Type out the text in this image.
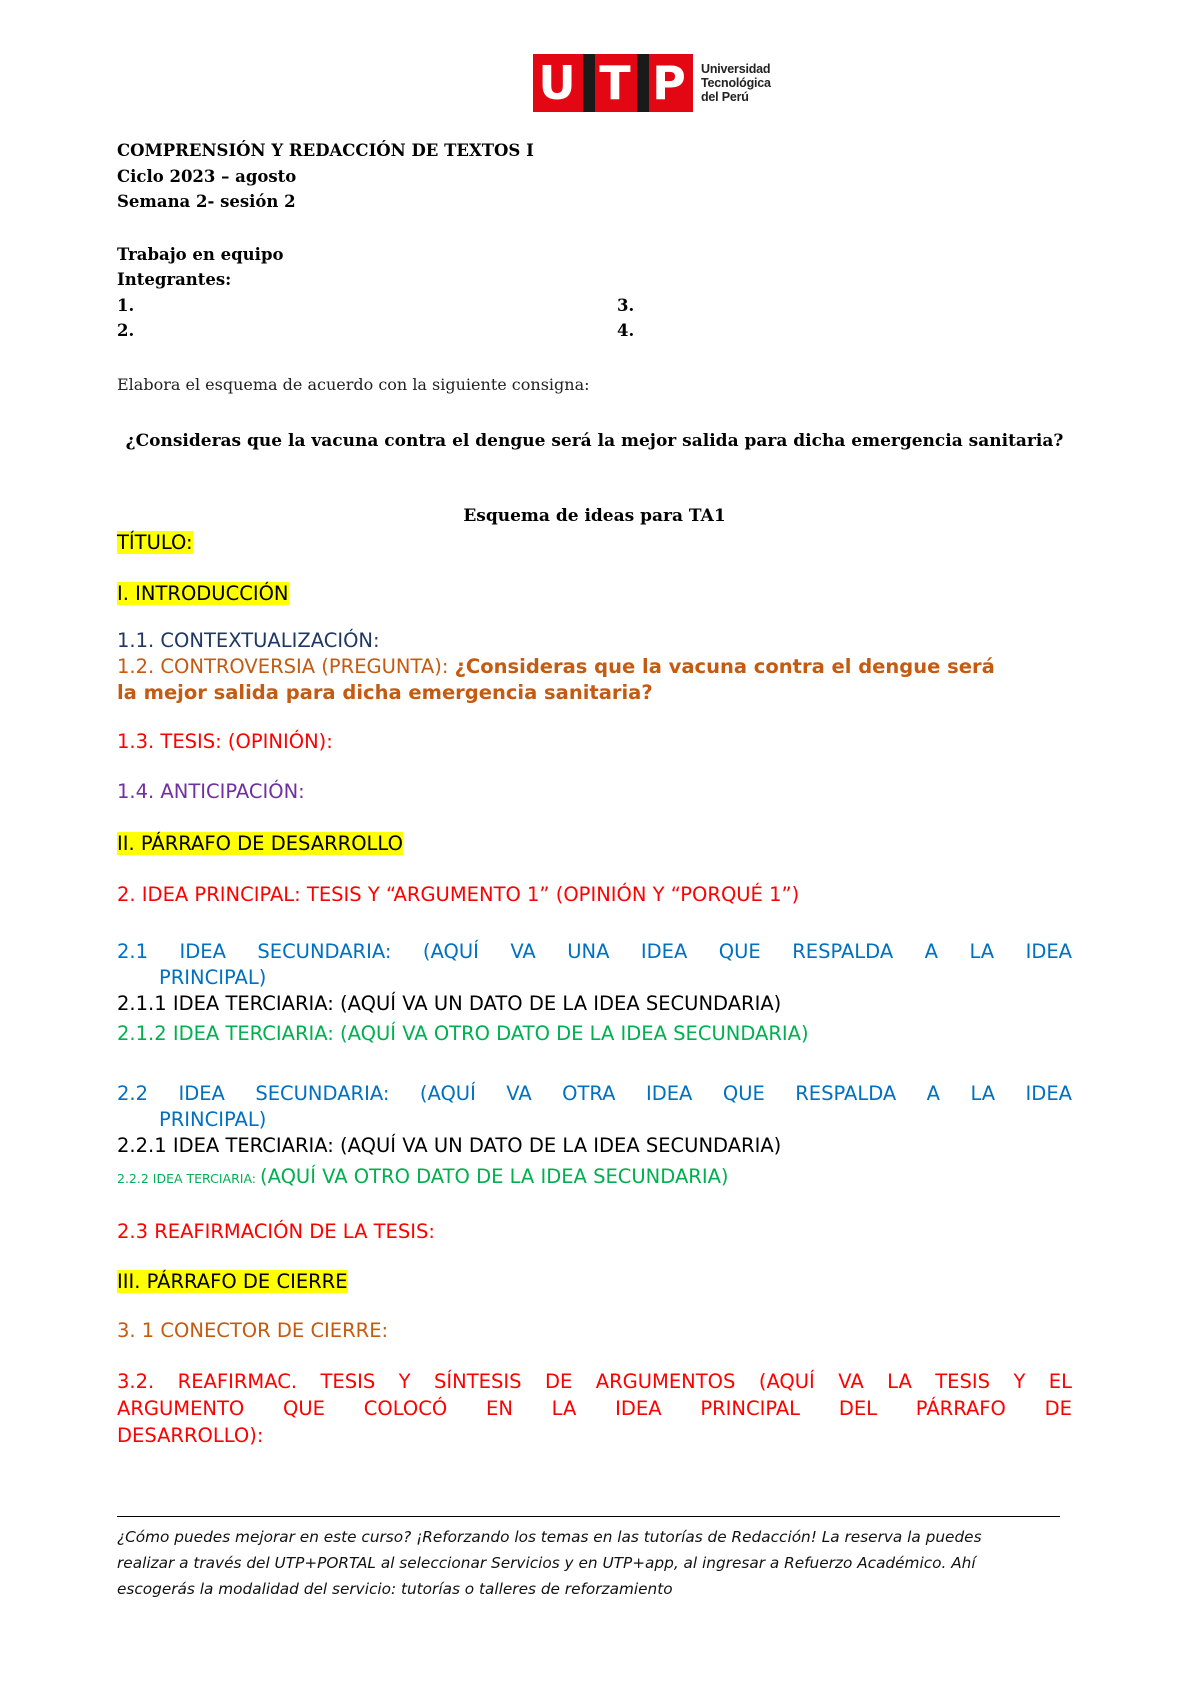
U T P	Universidad
Tecnológica
del Perú
COMPRENSIÓN Y REDACCIÓN DE TEXTOS I
Ciclo 2023 – agosto
Semana 2- sesión 2
Trabajo en equipo
Integrantes:
1.
2.
3.
4.
Elabora el esquema de acuerdo con la siguiente consigna:
¿Consideras que la vacuna contra el dengue será la mejor salida para dicha emergencia sanitaria?
Esquema de ideas para TA1
TÍTULO:
I. INTRODUCCIÓN
1.1. CONTEXTUALIZACIÓN:
1.2. CONTROVERSIA (PREGUNTA): ¿Consideras que la vacuna contra el dengue será
la mejor salida para dicha emergencia sanitaria?
1.3. TESIS: (OPINIÓN):
1.4. ANTICIPACIÓN:
II. PÁRRAFO DE DESARROLLO
2. IDEA PRINCIPAL: TESIS Y “ARGUMENTO 1” (OPINIÓN Y “PORQUÉ 1”)
2.1 IDEA SECUNDARIA: (AQUÍ VA UNA IDEA QUE RESPALDA A LA IDEA
PRINCIPAL)
2.1.1 IDEA TERCIARIA: (AQUÍ VA UN DATO DE LA IDEA SECUNDARIA)
2.1.2 IDEA TERCIARIA: (AQUÍ VA OTRO DATO DE LA IDEA SECUNDARIA)
2.2 IDEA SECUNDARIA: (AQUÍ VA OTRA IDEA QUE RESPALDA A LA IDEA
PRINCIPAL)
2.2.1 IDEA TERCIARIA: (AQUÍ VA UN DATO DE LA IDEA SECUNDARIA)
2.2.2 IDEA TERCIARIA: (AQUÍ VA OTRO DATO DE LA IDEA SECUNDARIA)
2.3 REAFIRMACIÓN DE LA TESIS:
III. PÁRRAFO DE CIERRE
3. 1 CONECTOR DE CIERRE:
3.2. REAFIRMAC. TESIS Y SÍNTESIS DE ARGUMENTOS (AQUÍ VA LA TESIS Y EL
ARGUMENTO QUE COLOCÓ EN LA IDEA PRINCIPAL DEL PÁRRAFO DE
DESARROLLO):
¿Cómo puedes mejorar en este curso? ¡Reforzando los temas en las tutorías de Redacción! La reserva la puedes
realizar a través del UTP+PORTAL al seleccionar Servicios y en UTP+app, al ingresar a Refuerzo Académico. Ahí
escogerás la modalidad del servicio: tutorías o talleres de reforzamiento
